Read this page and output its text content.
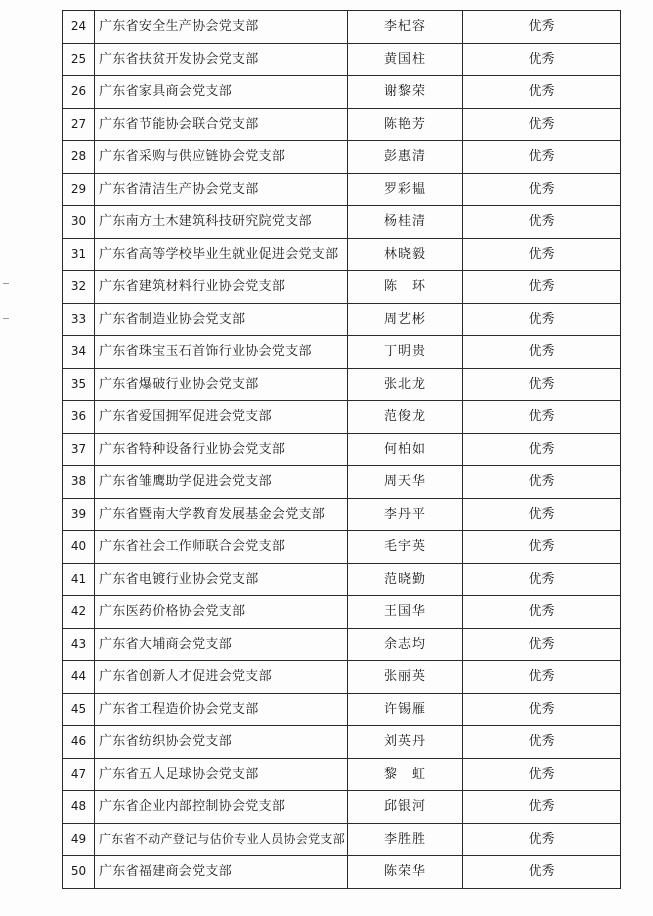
24	广东省安全生产协会党支部	李杞容	优秀
25	广东省扶贫开发协会党支部	黄国柱	优秀
26	广东省家具商会党支部	谢黎荣	优秀
27	广东省节能协会联合党支部	陈艳芳	优秀
28	广东省采购与供应链协会党支部	彭惠清	优秀
29	广东省清洁生产协会党支部	罗彩韫	优秀
30	广东南方土木建筑科技研究院党支部	杨桂清	优秀
31	广东省高等学校毕业生就业促进会党支部	林晓毅	优秀
32	广东省建筑材料行业协会党支部	陈　环	优秀
33	广东省制造业协会党支部	周艺彬	优秀
34	广东省珠宝玉石首饰行业协会党支部	丁明贵	优秀
35	广东省爆破行业协会党支部	张北龙	优秀
36	广东省爱国拥军促进会党支部	范俊龙	优秀
37	广东省特种设备行业协会党支部	何柏如	优秀
38	广东省雏鹰助学促进会党支部	周天华	优秀
39	广东省暨南大学教育发展基金会党支部	李丹平	优秀
40	广东省社会工作师联合会党支部	毛宇英	优秀
41	广东省电镀行业协会党支部	范晓勤	优秀
42	广东医药价格协会党支部	王国华	优秀
43	广东省大埔商会党支部	余志均	优秀
44	广东省创新人才促进会党支部	张丽英	优秀
45	广东省工程造价协会党支部	许锡雁	优秀
46	广东省纺织协会党支部	刘英丹	优秀
47	广东省五人足球协会党支部	黎　虹	优秀
48	广东省企业内部控制协会党支部	邱银河	优秀
49	广东省不动产登记与估价专业人员协会党支部	李胜胜	优秀
50	广东省福建商会党支部	陈荣华	优秀
